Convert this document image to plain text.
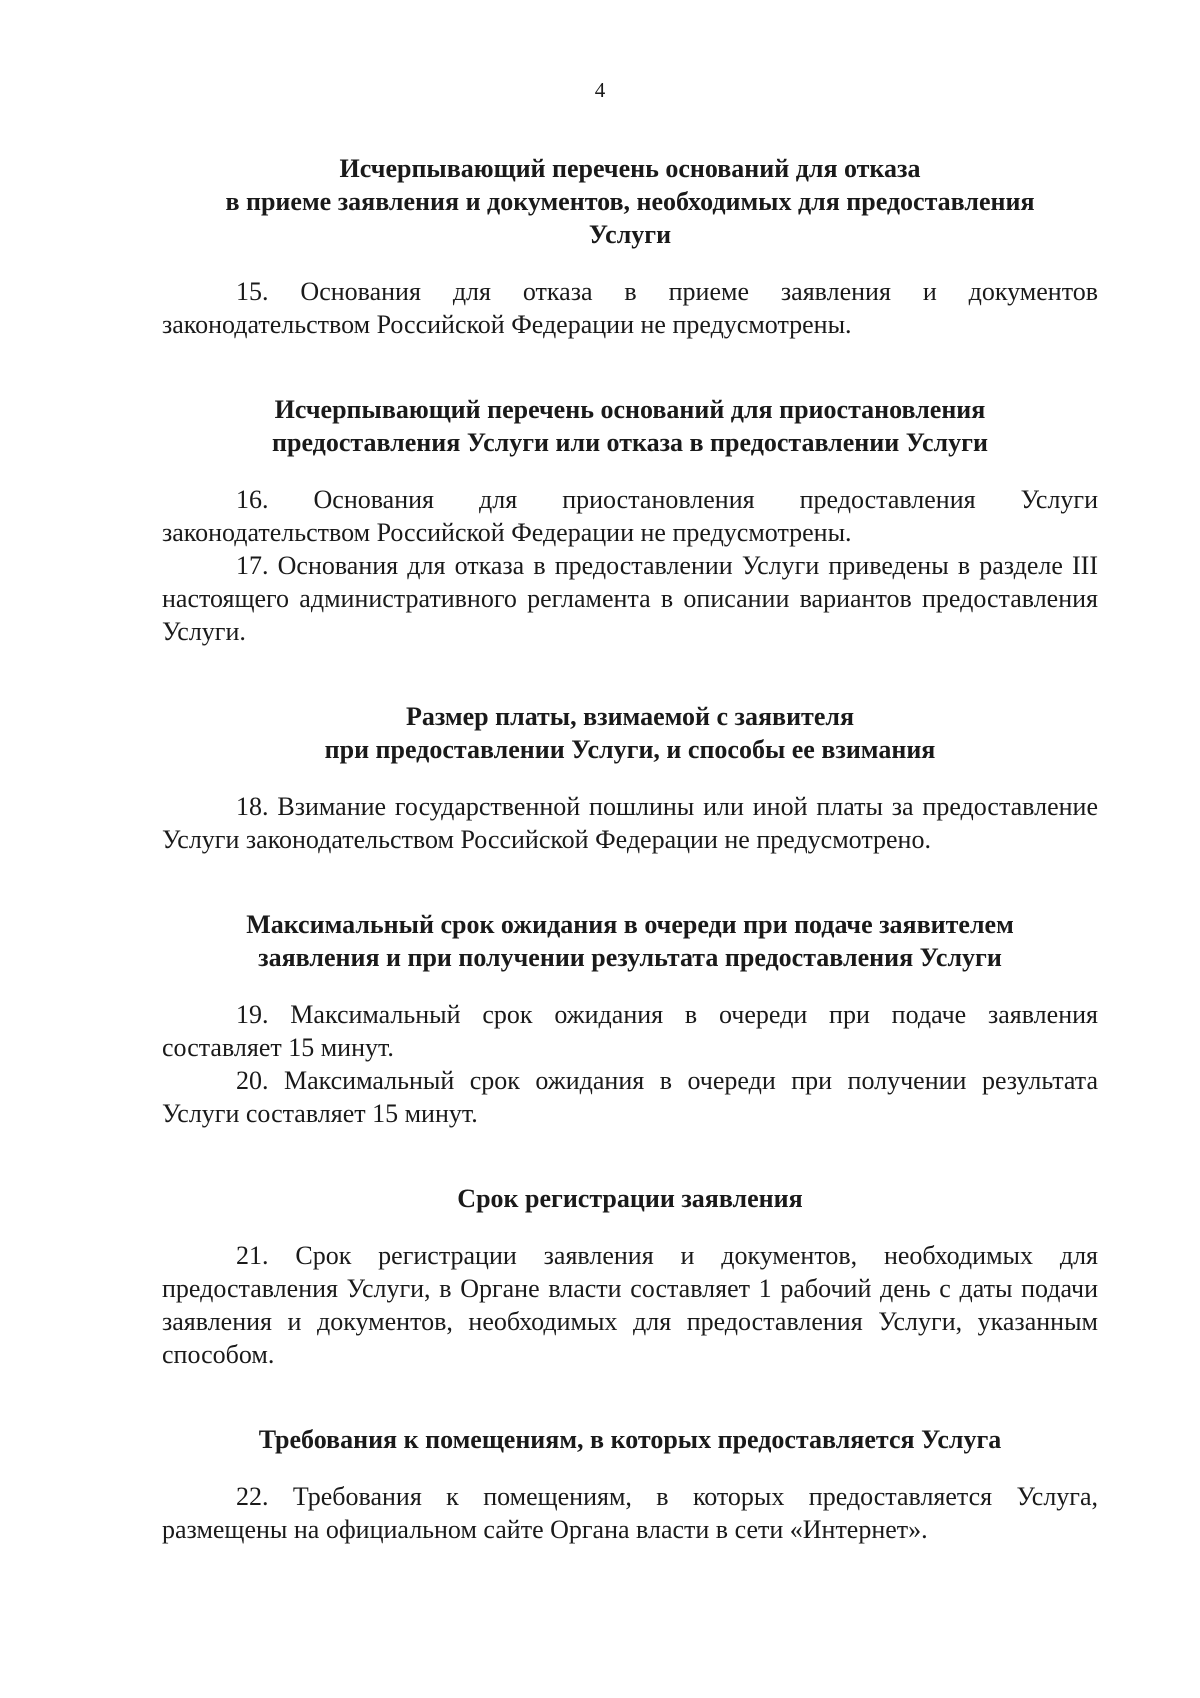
4
Исчерпывающий перечень оснований для отказа
в приеме заявления и документов, необходимых для предоставления
Услуги

15. Основания для отказа в приеме заявления и документов законодательством Российской Федерации не предусмотрены.

Исчерпывающий перечень оснований для приостановления
предоставления Услуги или отказа в предоставлении Услуги

16. Основания для приостановления предоставления Услуги законодательством Российской Федерации не предусмотрены.

17. Основания для отказа в предоставлении Услуги приведены в разделе III настоящего административного регламента в описании вариантов предоставления Услуги.

Размер платы, взимаемой с заявителя
при предоставлении Услуги, и способы ее взимания

18. Взимание государственной пошлины или иной платы за предоставление Услуги законодательством Российской Федерации не предусмотрено.

Максимальный срок ожидания в очереди при подаче заявителем
заявления и при получении результата предоставления Услуги

19. Максимальный срок ожидания в очереди при подаче заявления составляет 15 минут.

20. Максимальный срок ожидания в очереди при получении результата Услуги составляет 15 минут.

Срок регистрации заявления

21. Срок регистрации заявления и документов, необходимых для предоставления Услуги, в Органе власти составляет 1 рабочий день с даты подачи заявления и документов, необходимых для предоставления Услуги, указанным способом.

Требования к помещениям, в которых предоставляется Услуга

22. Требования к помещениям, в которых предоставляется Услуга, размещены на официальном сайте Органа власти в сети «Интернет».
